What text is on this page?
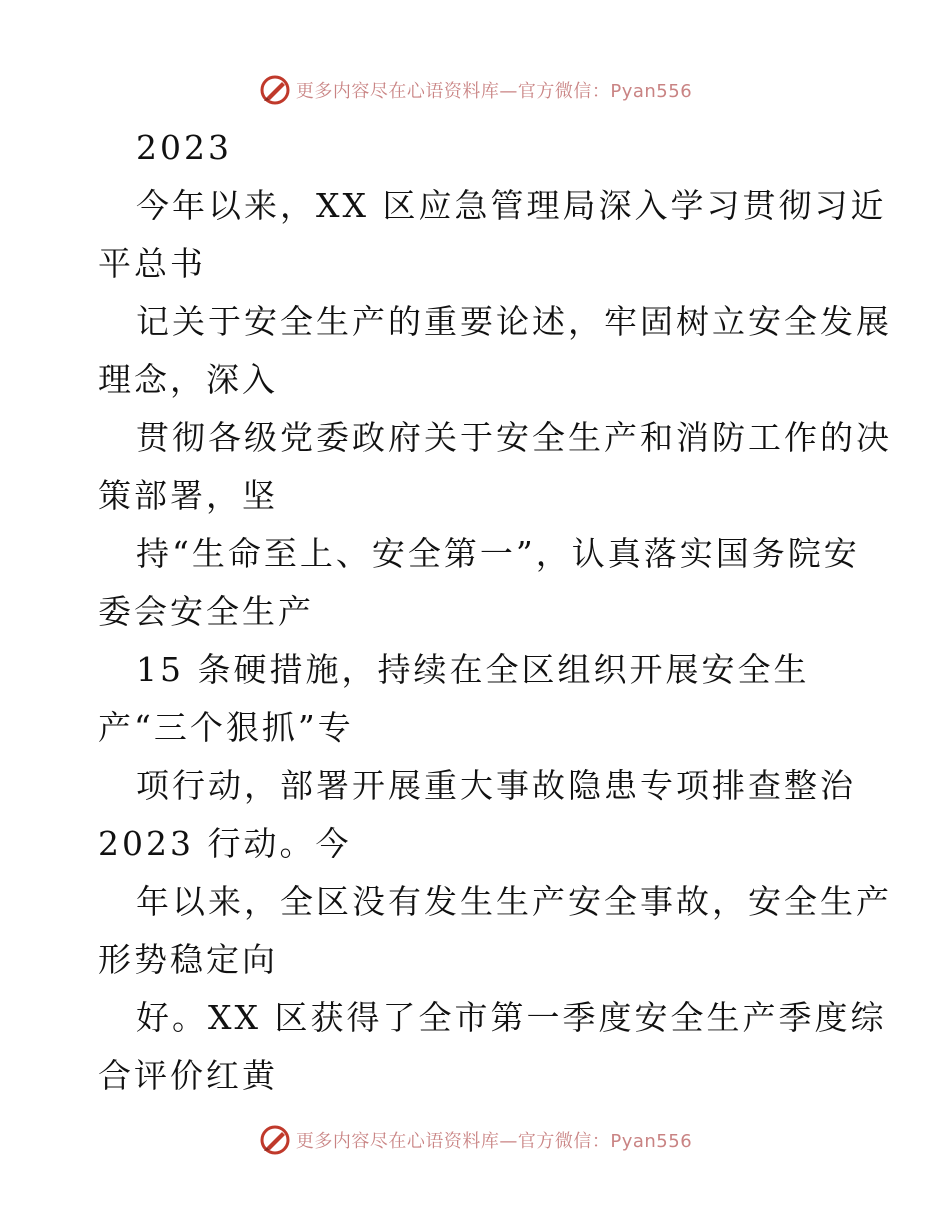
更多内容尽在心语资料库—官方微信：Pyan556
2023
今年以来，XX 区应急管理局深入学习贯彻习近
平总书
记关于安全生产的重要论述，牢固树立安全发展
理念，深入
贯彻各级党委政府关于安全生产和消防工作的决
策部署，坚
持“生命至上、安全第一”，认真落实国务院安
委会安全生产
15 条硬措施，持续在全区组织开展安全生
产“三个狠抓”专
项行动，部署开展重大事故隐患专项排查整治
2023 行动。今
年以来，全区没有发生生产安全事故，安全生产
形势稳定向
好。XX 区获得了全市第一季度安全生产季度综
合评价红黄
更多内容尽在心语资料库—官方微信：Pyan556
